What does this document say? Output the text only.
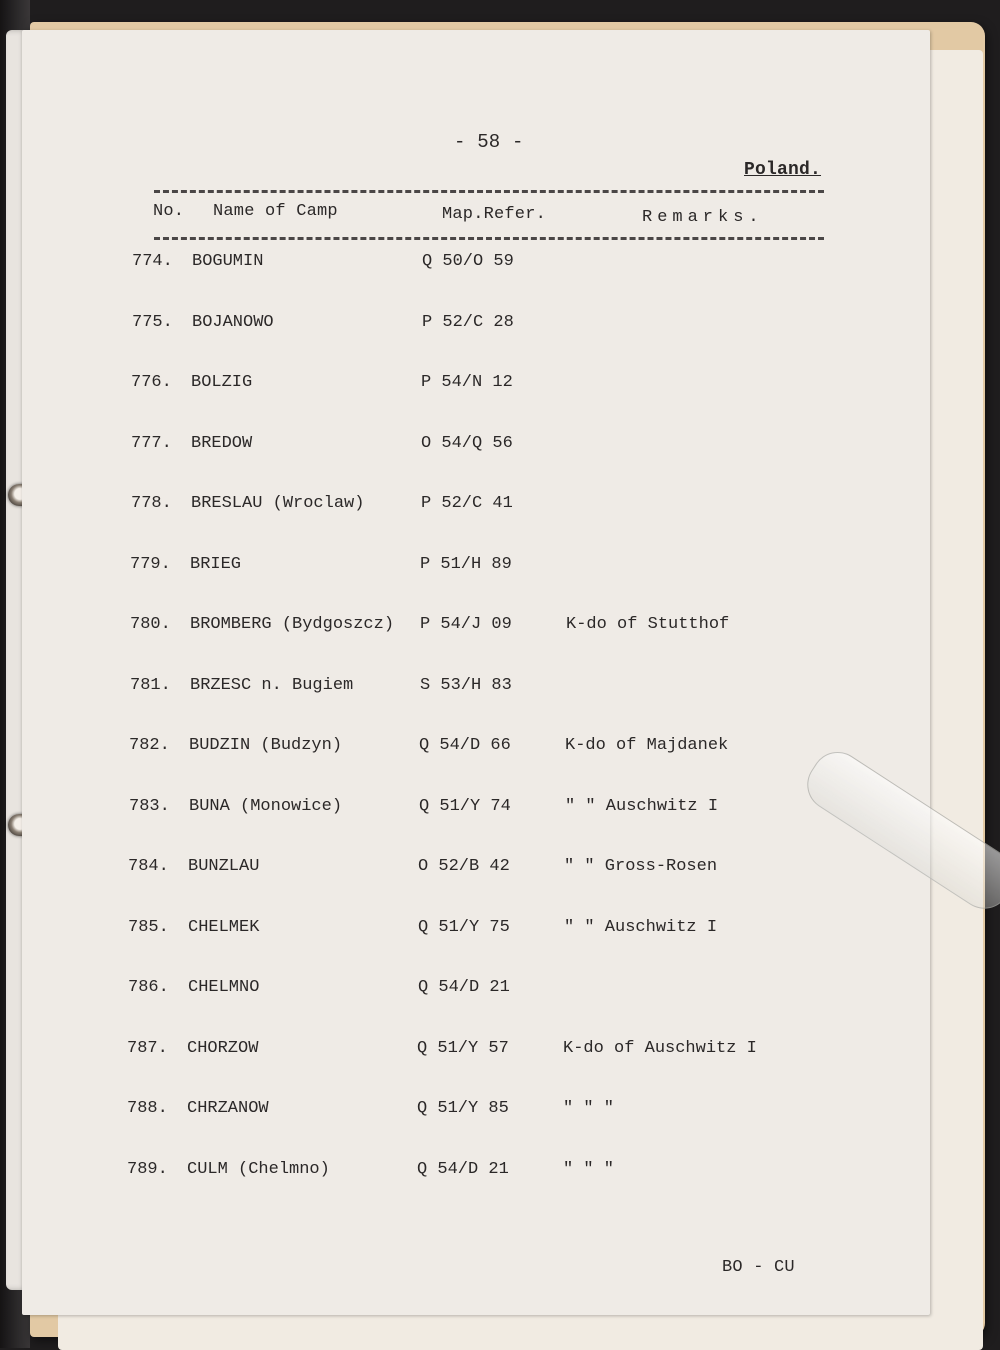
- 58 -
Poland.
No. Name of Camp	Map.Refer.	Remarks.
774. BOGUMIN	Q 50/O 59
775. BOJANOWO	P 52/C 28
776. BOLZIG	P 54/N 12
777. BREDOW	O 54/Q 56
778. BRESLAU (Wroclaw)	P 52/C 41
779. BRIEG	P 51/H 89
780. BROMBERG (Bydgoszcz) P 54/J 09	K-do of Stutthof
781. BRZESC n. Bugiem	S 53/H 83
782. BUDZIN (Budzyn)	Q 54/D 66	K-do of Majdanek
783. BUNA (Monowice)	Q 51/Y 74	" " Auschwitz I
784. BUNZLAU	O 52/B 42	" " Gross-Rosen
785. CHELMEK	Q 51/Y 75	" " Auschwitz I
786. CHELMNO	Q 54/D 21
787. CHORZOW	Q 51/Y 57	K-do of Auschwitz I
788. CHRZANOW	Q 51/Y 85	" " "
789. CULM (Chelmno)	Q 54/D 21	" " "
BO - CU
